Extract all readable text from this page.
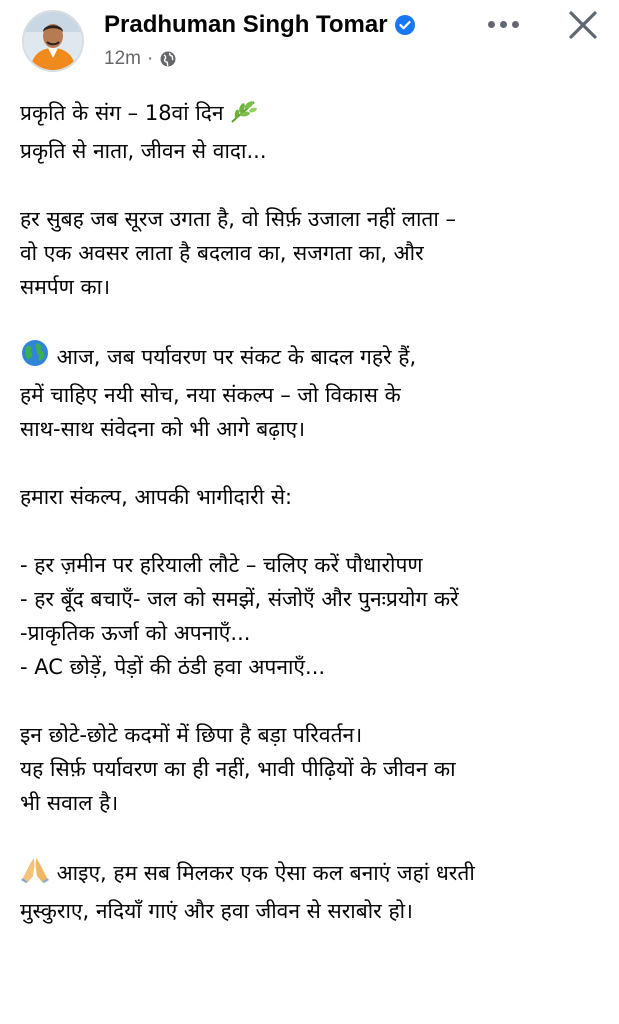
Pradhuman Singh Tomar
12m ·
प्रकृति के संग – 18वां दिन
प्रकृति से नाता, जीवन से वादा...
हर सुबह जब सूरज उगता है, वो सिर्फ़ उजाला नहीं लाता –
वो एक अवसर लाता है बदलाव का, सजगता का, और
समर्पण का।
आज, जब पर्यावरण पर संकट के बादल गहरे हैं,
हमें चाहिए नयी सोच, नया संकल्प – जो विकास के
साथ-साथ संवेदना को भी आगे बढ़ाए।
हमारा संकल्प, आपकी भागीदारी से:
- हर ज़मीन पर हरियाली लौटे – चलिए करें पौधारोपण
- हर बूँद बचाएँ- जल को समझें, संजोएँ और पुनःप्रयोग करें
-प्राकृतिक ऊर्जा को अपनाएँ...
- AC छोड़ें, पेड़ों की ठंडी हवा अपनाएँ...
इन छोटे-छोटे कदमों में छिपा है बड़ा परिवर्तन।
यह सिर्फ़ पर्यावरण का ही नहीं, भावी पीढ़ियों के जीवन का
भी सवाल है।
आइए, हम सब मिलकर एक ऐसा कल बनाएं जहां धरती
मुस्कुराए, नदियाँ गाएं और हवा जीवन से सराबोर हो।
